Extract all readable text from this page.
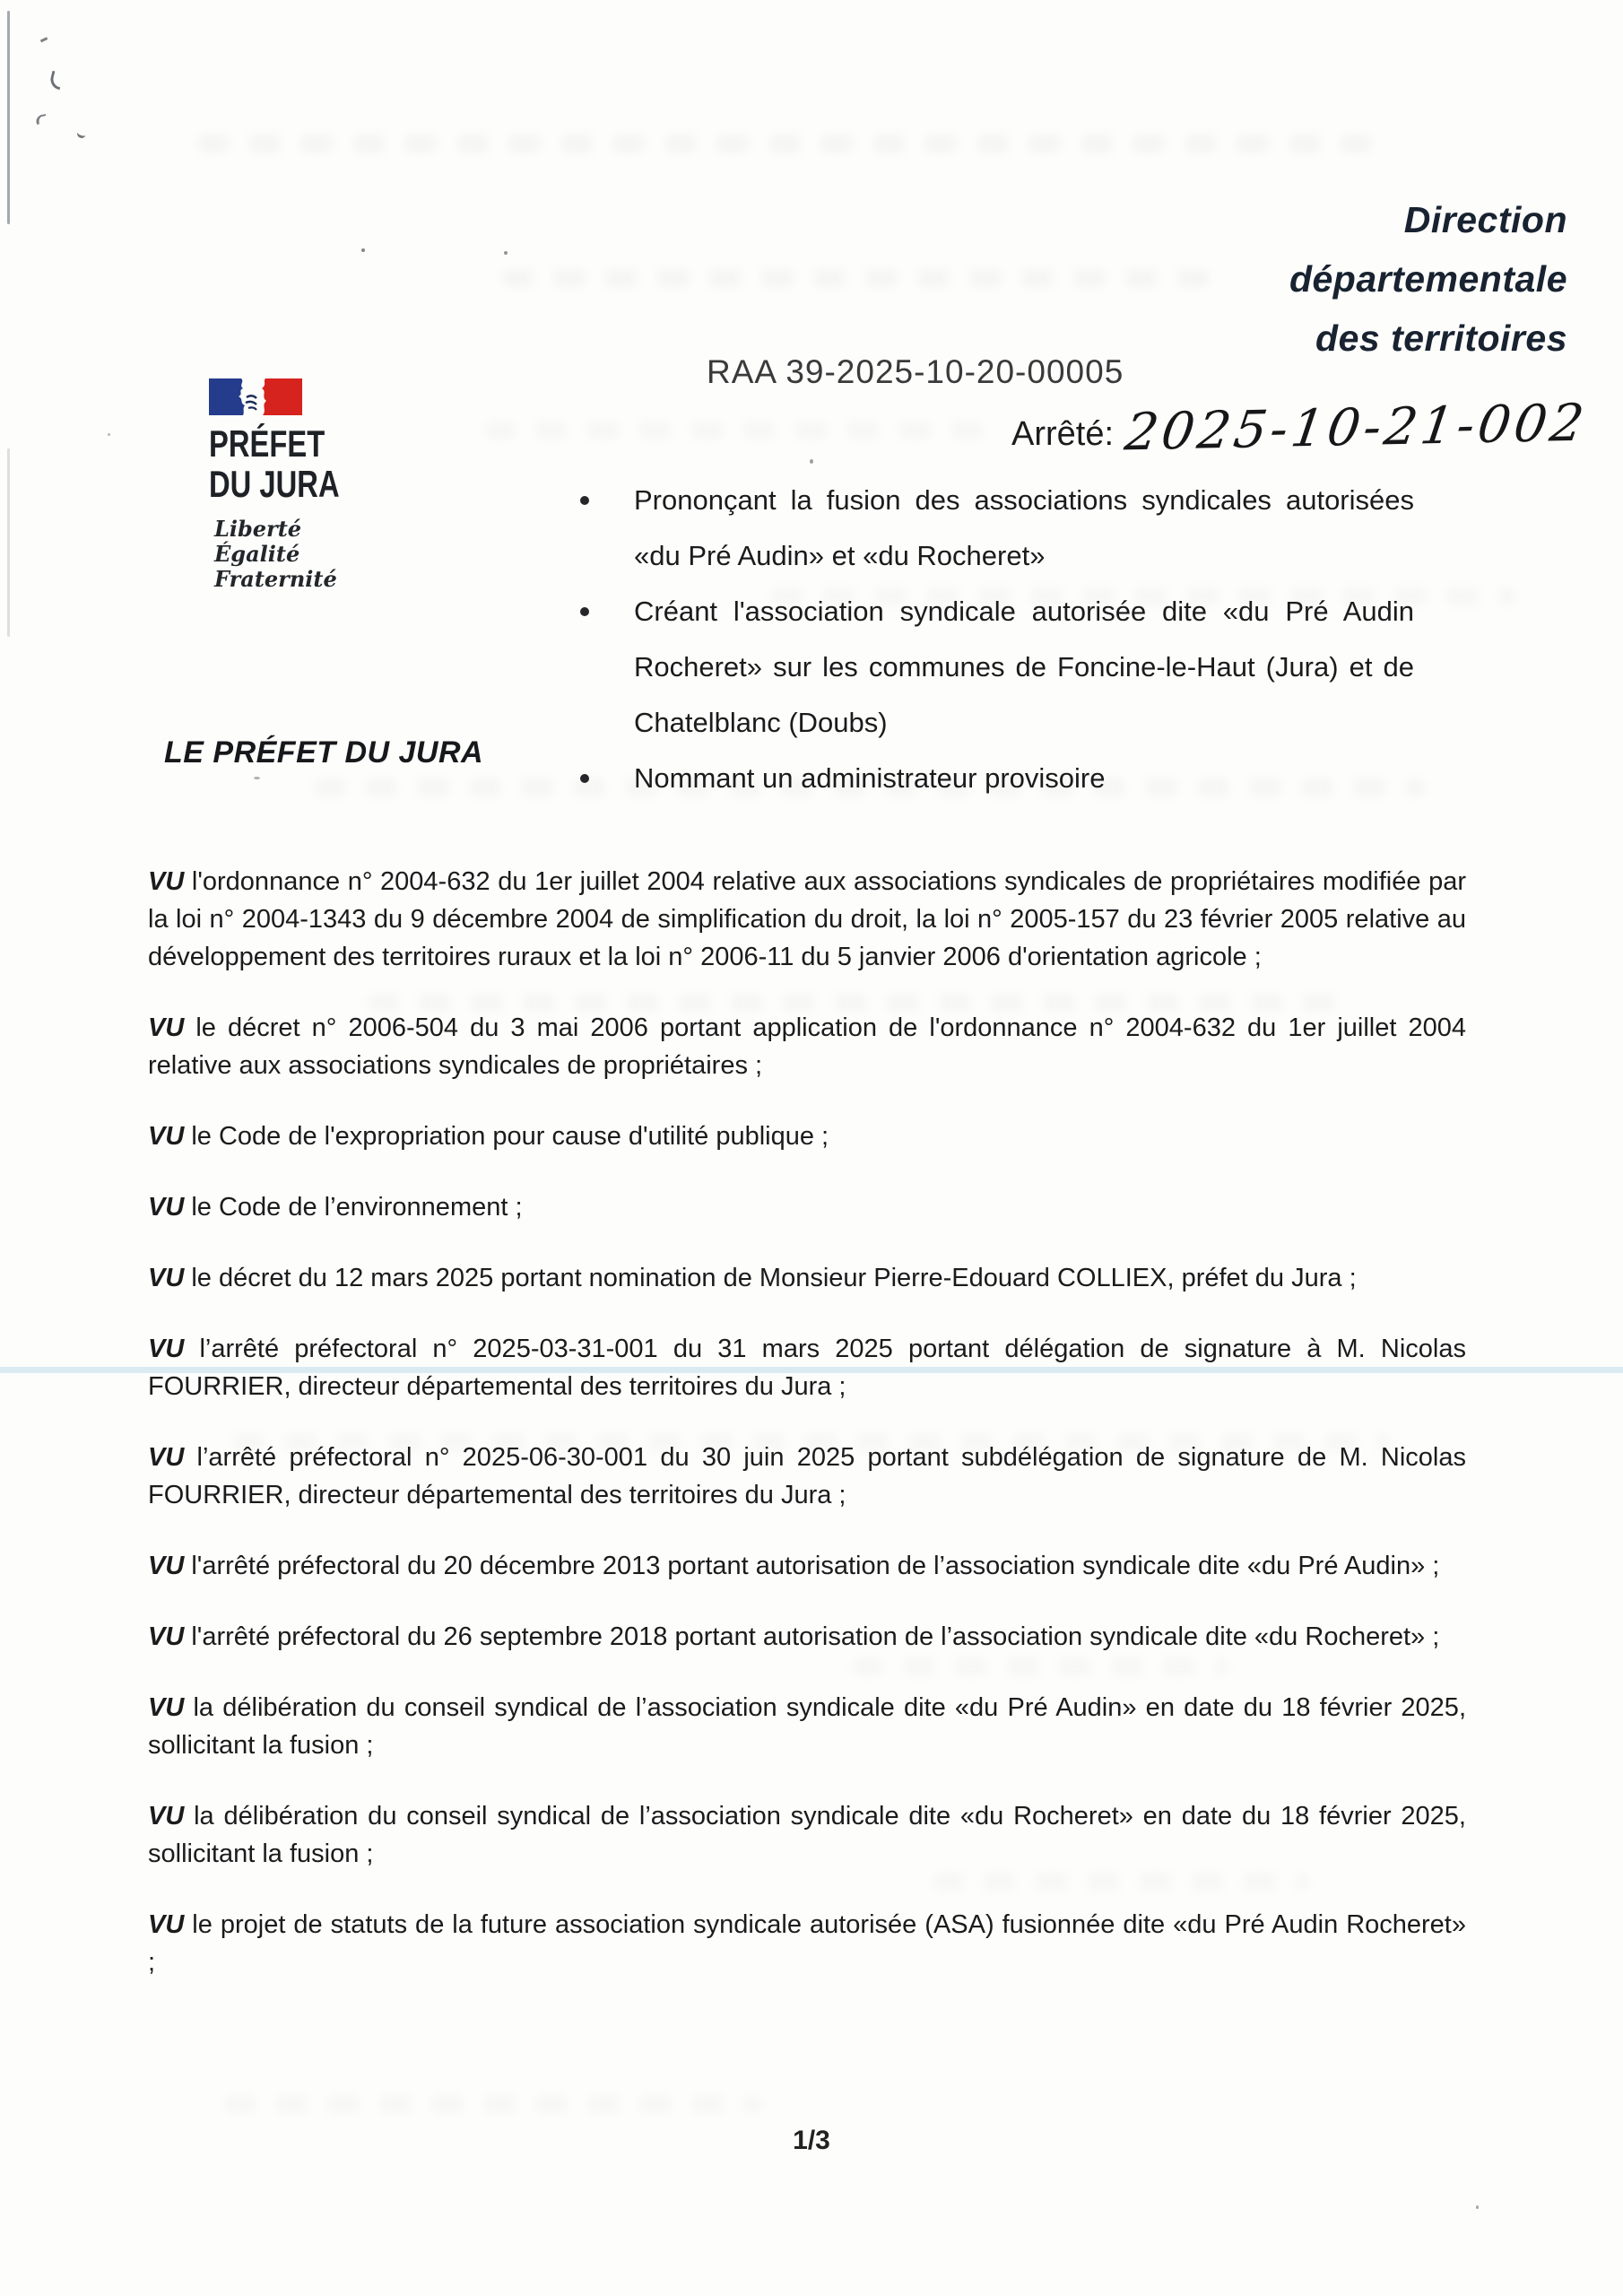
Direction
départementale
des territoires
RAA 39-2025-10-20-00005
PRÉFET
DU JURA
Liberté
Égalité
Fraternité
Arrêté: 2025-10-21-002
Prononçant la fusion des associations syndicales autorisées «du Pré Audin» et «du Rocheret»
Créant l'association syndicale autorisée dite «du Pré Audin Rocheret» sur les communes de Foncine-le-Haut (Jura) et de Chatelblanc (Doubs)
Nommant un administrateur provisoire
LE PRÉFET DU JURA

VU l'ordonnance n° 2004-632 du 1er juillet 2004 relative aux associations syndicales de propriétaires modifiée par la loi n° 2004-1343 du 9 décembre 2004 de simplification du droit, la loi n° 2005-157 du 23 février 2005 relative au développement des territoires ruraux et la loi n° 2006-11 du 5 janvier 2006 d'orientation agricole ;

VU le décret n° 2006-504 du 3 mai 2006 portant application de l'ordonnance n° 2004-632 du 1er juillet 2004 relative aux associations syndicales de propriétaires ;

VU le Code de l'expropriation pour cause d'utilité publique ;

VU le Code de l’environnement ;

VU le décret du 12 mars 2025 portant nomination de Monsieur Pierre-Edouard COLLIEX, préfet du Jura ;

VU l’arrêté préfectoral n° 2025-03-31-001 du 31 mars 2025 portant délégation de signature à M. Nicolas FOURRIER, directeur départemental des territoires du Jura ;

VU l’arrêté préfectoral n° 2025-06-30-001 du 30 juin 2025 portant subdélégation de signature de M. Nicolas FOURRIER, directeur départemental des territoires du Jura ;

VU l'arrêté préfectoral du 20 décembre 2013 portant autorisation de l’association syndicale dite «du Pré Audin» ;

VU l'arrêté préfectoral du 26 septembre 2018 portant autorisation de l’association syndicale dite «du Rocheret» ;

VU la délibération du conseil syndical de l’association syndicale dite «du Pré Audin» en date du 18 février 2025, sollicitant la fusion ;

VU la délibération du conseil syndical de l’association syndicale dite «du Rocheret» en date du 18 février 2025, sollicitant la fusion ;

VU le projet de statuts de la future association syndicale autorisée (ASA) fusionnée dite «du Pré Audin Rocheret» ;

1/3
